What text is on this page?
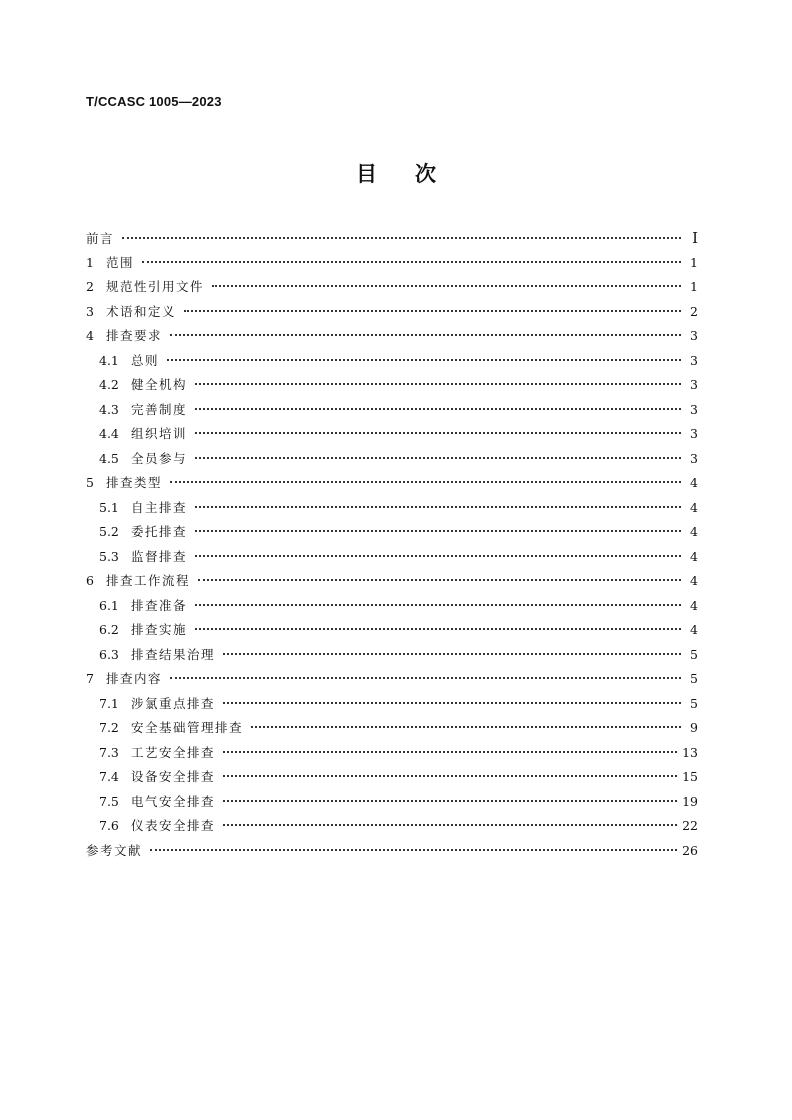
T/CCASC 1005—2023
目 次
前言	I
1 范围	1
2 规范性引用文件	1
3 术语和定义	2
4 排查要求	3
4.1 总则	3
4.2 健全机构	3
4.3 完善制度	3
4.4 组织培训	3
4.5 全员参与	3
5 排查类型	4
5.1 自主排查	4
5.2 委托排查	4
5.3 监督排查	4
6 排查工作流程	4
6.1 排查准备	4
6.2 排查实施	4
6.3 排查结果治理	5
7 排查内容	5
7.1 涉氯重点排查	5
7.2 安全基础管理排查	9
7.3 工艺安全排查	13
7.4 设备安全排查	15
7.5 电气安全排查	19
7.6 仪表安全排查	22
参考文献	26
